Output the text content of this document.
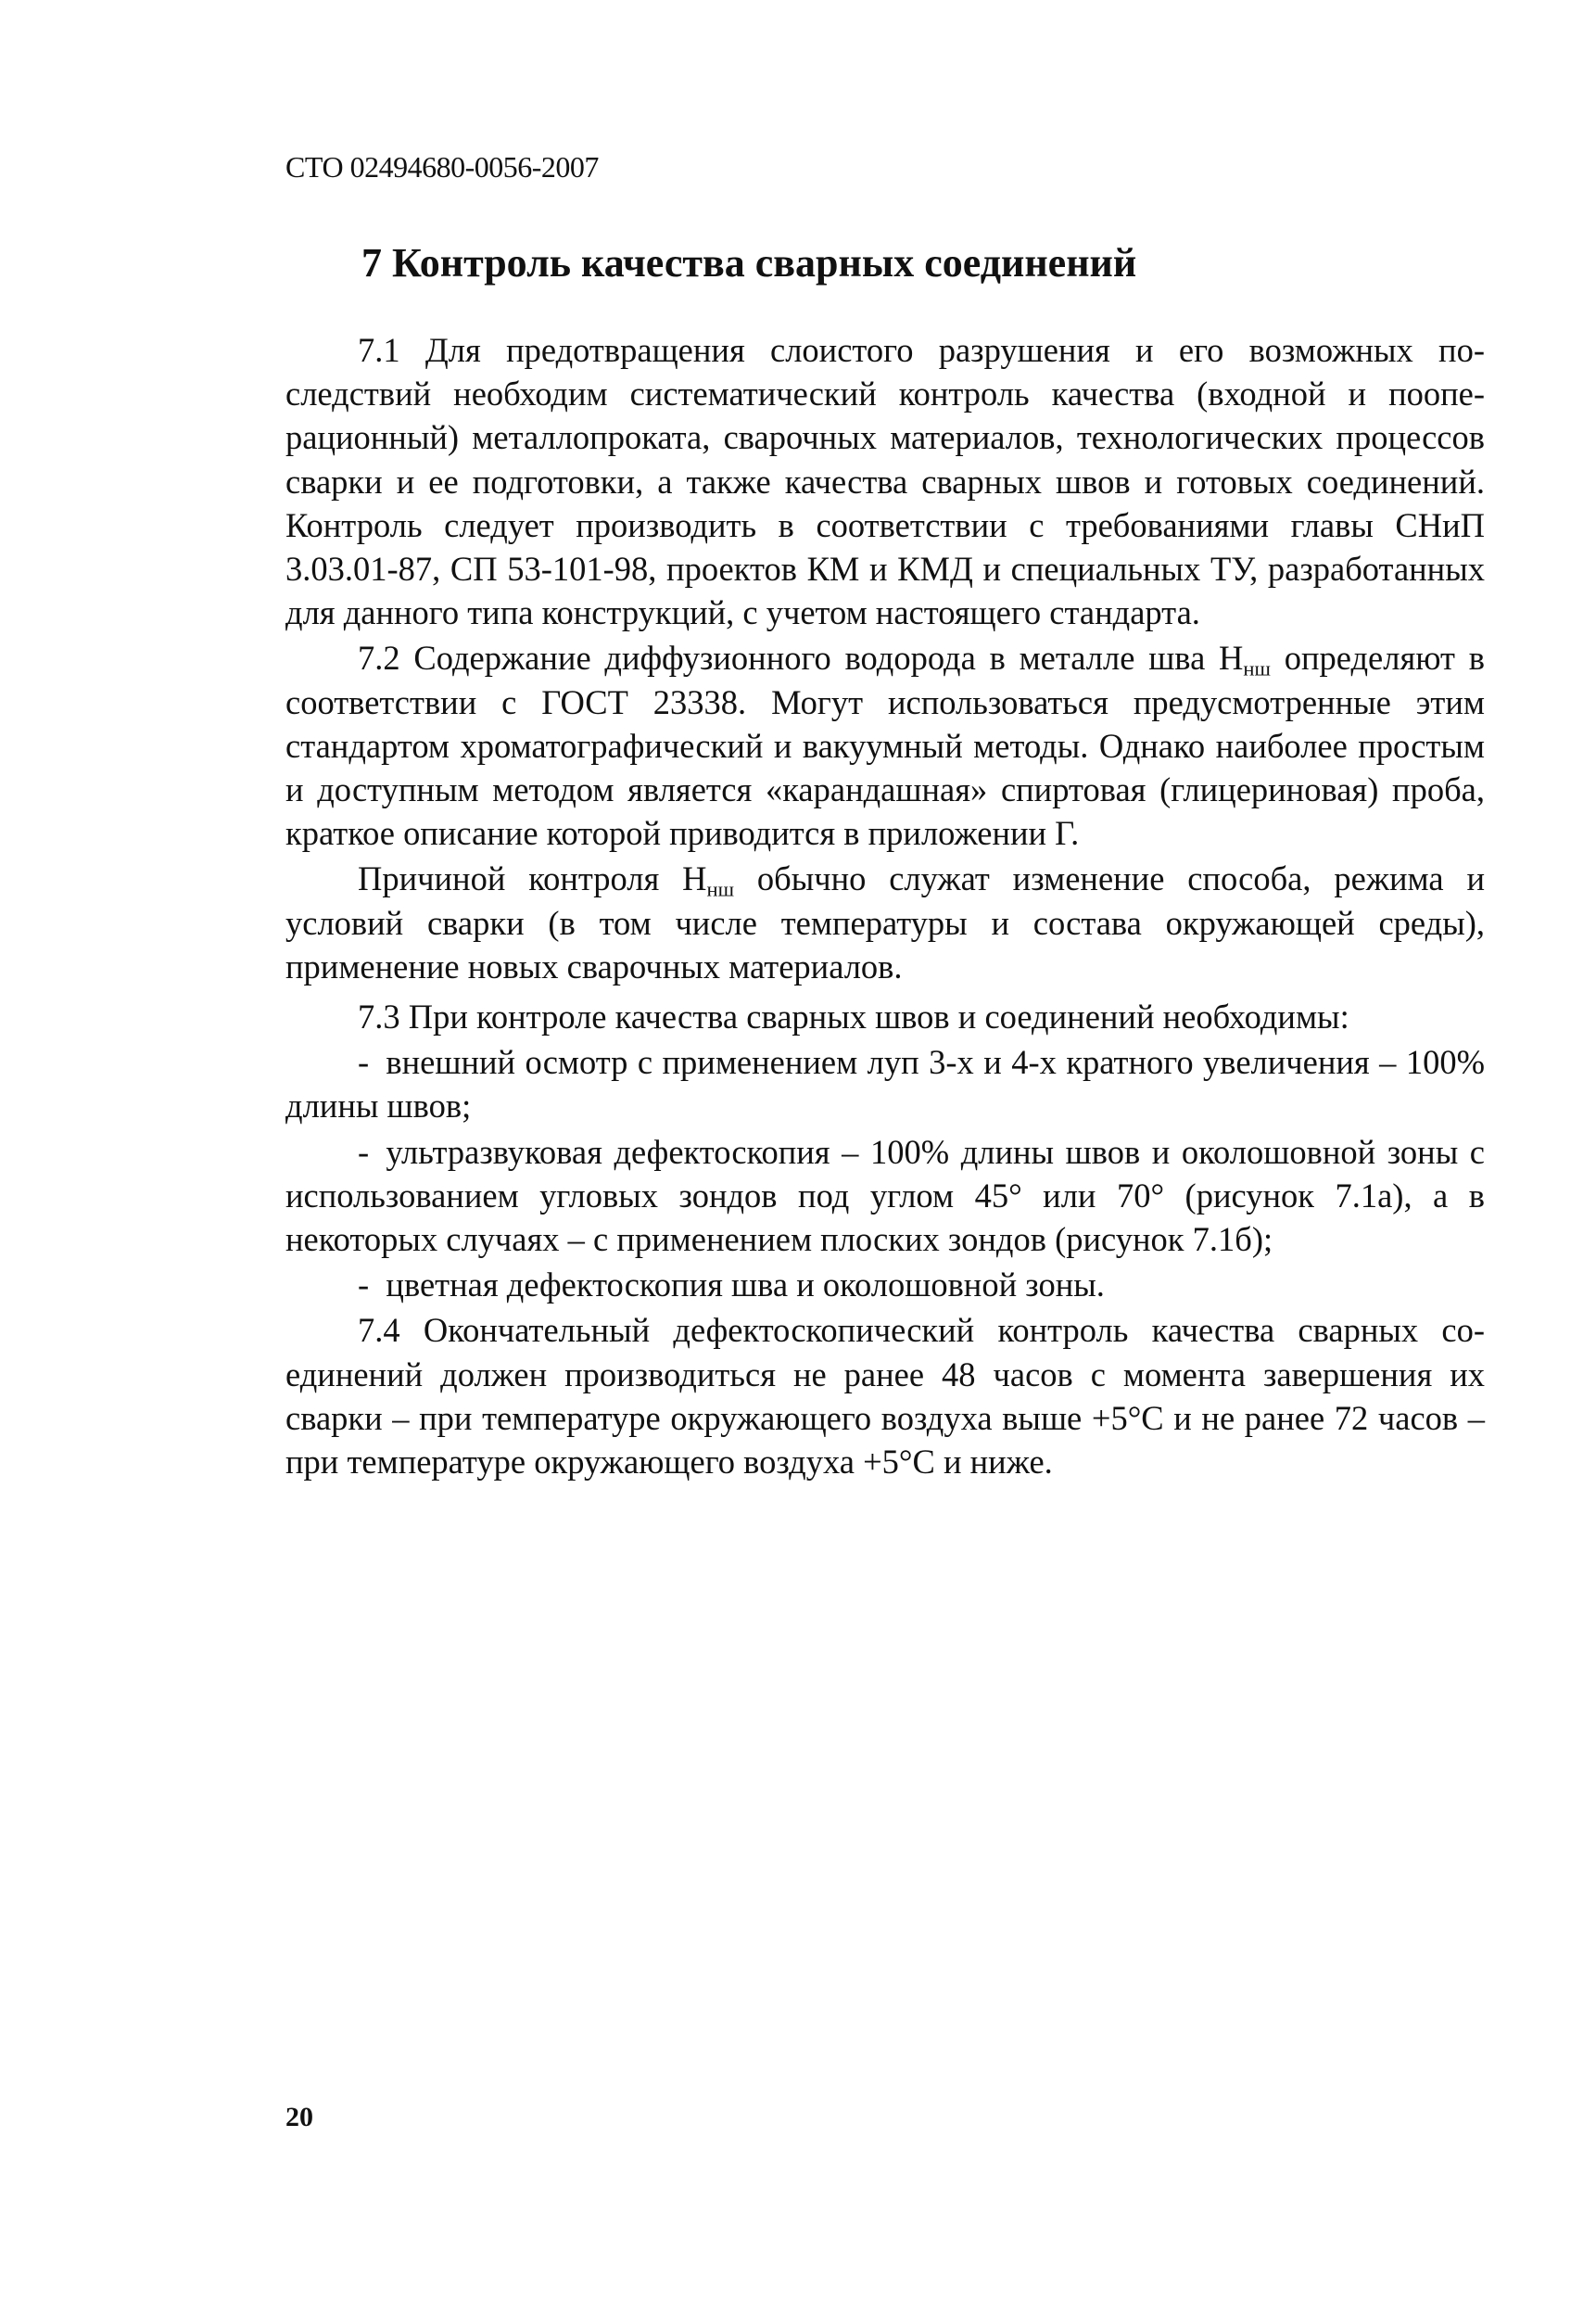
СТО 02494680-0056-2007
7 Контроль качества сварных соединений

7.1 Для предотвращения слоистого разрушения и его возможных последствий необходим систематический контроль качества (входной и пооперационный) металлопроката, сварочных материалов, технологических процессов сварки и ее подготовки, а также качества сварных швов и готовых соединений. Контроль следует производить в соответствии с требованиями главы СНиП 3.03.01-87, СП 53-101-98, проектов КМ и КМД и специальных ТУ, разработанных для данного типа конструкций, с учетом настоящего стандарта.

7.2 Содержание диффузионного водорода в металле шва $Н_{нш}$ определяют в соответствии с ГОСТ 23338. Могут использоваться предусмотренные этим стандартом хроматографический и вакуумный методы. Однако наиболее простым и доступным методом является «карандашная» спиртовая (глицериновая) проба, краткое описание которой приводится в приложении Г.

Причиной контроля $Н_{нш}$ обычно служат изменение способа, режима и условий сварки (в том числе температуры и состава окружающей среды), применение новых сварочных материалов.

7.3 При контроле качества сварных швов и соединений необходимы:

- внешний осмотр с применением луп 3-х и 4-х кратного увеличения – 100% длины швов;

- ультразвуковая дефектоскопия – 100% длины швов и околошовной зоны с использованием угловых зондов под углом 45° или 70° (рисунок 7.1а), а в некоторых случаях – с применением плоских зондов (рисунок 7.1б);

- цветная дефектоскопия шва и околошовной зоны.

7.4 Окончательный дефектоскопический контроль качества сварных соединений должен производиться не ранее 48 часов с момента завершения их сварки – при температуре окружающего воздуха выше +5°С и не ранее 72 часов – при температуре окружающего воздуха +5°С и ниже.

20
